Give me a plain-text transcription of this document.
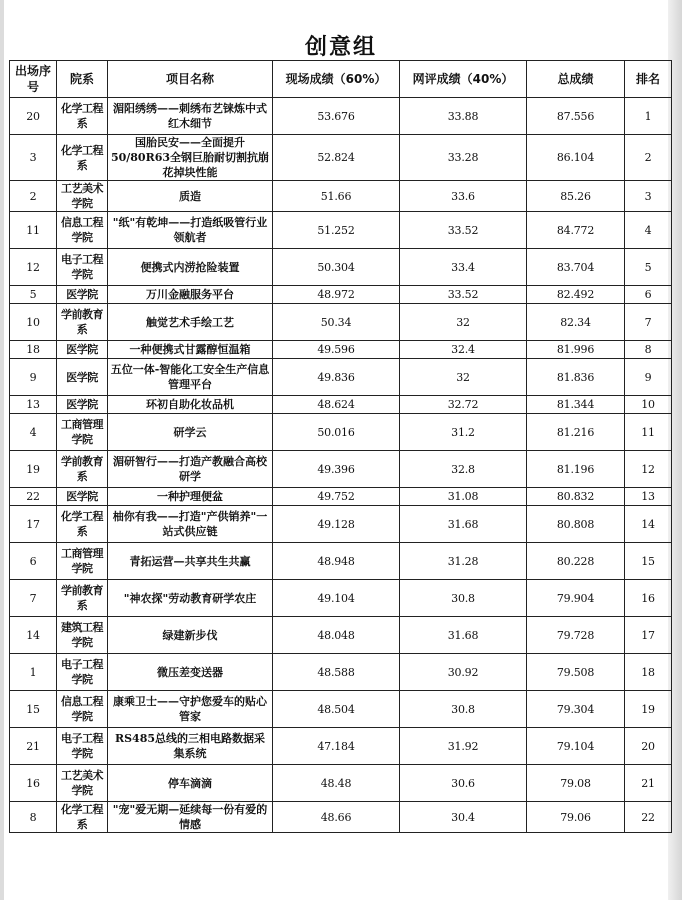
创意组
出场序号	院系	项目名称	现场成绩（60%）	网评成绩（40%）	总成绩	排名
20	化学工程系	湄阳绣绣——刺绣布艺铼炼中式红木细节	53.676	33.88	87.556	1
3	化学工程系	国胎民安——全面提升50/80R63全钢巨胎耐切割抗崩花掉块性能	52.824	33.28	86.104	2
2	工艺美术学院	质造	51.66	33.6	85.26	3
11	信息工程学院	"纸"有乾坤——打造纸吸管行业领航者	51.252	33.52	84.772	4
12	电子工程学院	便携式内涝抢险装置	50.304	33.4	83.704	5
5	医学院	万川金融服务平台	48.972	33.52	82.492	6
10	学前教育系	触觉艺术手绘工艺	50.34	32	82.34	7
18	医学院	一种便携式甘露醇恒温箱	49.596	32.4	81.996	8
9	医学院	五位一体-智能化工安全生产信息管理平台	49.836	32	81.836	9
13	医学院	环初自助化妆品机	48.624	32.72	81.344	10
4	工商管理学院	研学云	50.016	31.2	81.216	11
19	学前教育系	湄研智行——打造产教融合高校研学	49.396	32.8	81.196	12
22	医学院	一种护理便盆	49.752	31.08	80.832	13
17	化学工程系	柚你有我——打造"产供销养"一站式供应链	49.128	31.68	80.808	14
6	工商管理学院	青拓运营—共享共生共赢	48.948	31.28	80.228	15
7	学前教育系	"神农探"劳动教育研学农庄	49.104	30.8	79.904	16
14	建筑工程学院	绿建新步伐	48.048	31.68	79.728	17
1	电子工程学院	微压差变送器	48.588	30.92	79.508	18
15	信息工程学院	康乘卫士——守护您爱车的贴心管家	48.504	30.8	79.304	19
21	电子工程学院	RS485总线的三相电路数据采集系统	47.184	31.92	79.104	20
16	工艺美术学院	停车滴滴	48.48	30.6	79.08	21
8	化学工程系	"宠"爱无期—延续每一份有爱的情感	48.66	30.4	79.06	22
